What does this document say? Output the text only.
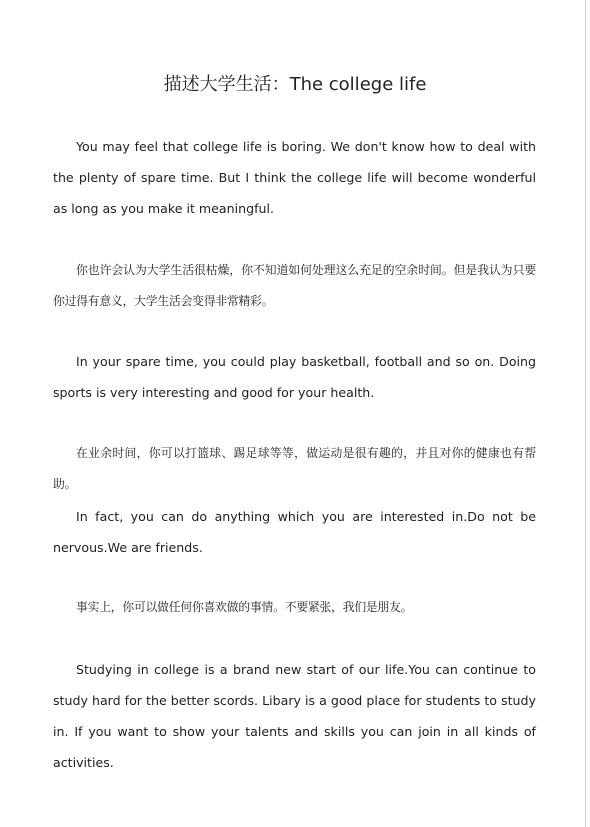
描述大学生活：The college life

You may feel that college life is boring. We don't know how to deal with the plenty of spare time. But I think the college life will become wonderful as long as you make it meaningful.

你也许会认为大学生活很枯燥，你不知道如何处理这么充足的空余时间。但是我认为只要你过得有意义，大学生活会变得非常精彩。

In your spare time, you could play basketball, football and so on. Doing sports is very interesting and good for your health.

在业余时间，你可以打篮球、踢足球等等，做运动是很有趣的，并且对你的健康也有帮助。

In fact, you can do anything which you are interested in.Do not be nervous.We are friends.

事实上，你可以做任何你喜欢做的事情。不要紧张，我们是朋友。

Studying in college is a brand new start of our life.You can continue to study hard for the better scords. Libary is a good place for students to study in. If you want to show your talents and skills you can join in all kinds of activities.
